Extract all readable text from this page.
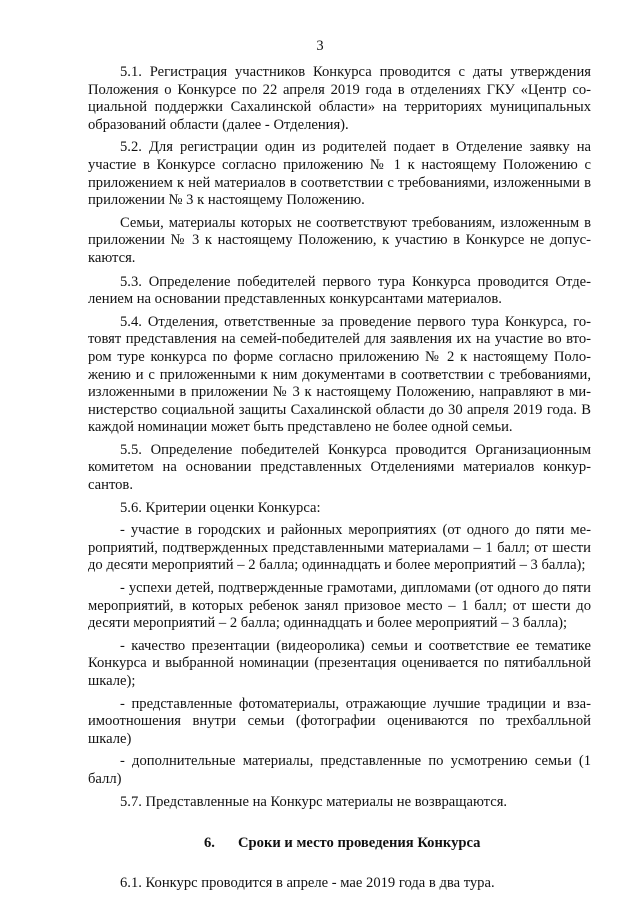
3

5.1. Регистрация участников Конкурса проводится с даты утверждения Положения о Конкурсе по 22 апреля 2019 года в отделениях ГКУ «Центр социальной поддержки Сахалинской области» на территориях муниципальных образований области (далее - Отделения).

5.2. Для регистрации один из родителей подает в Отделение заявку на участие в Конкурсе согласно приложению № 1 к настоящему Положению с приложением к ней материалов в соответствии с требованиями, изложенными в приложении № 3 к настоящему Положению.

Семьи, материалы которых не соответствуют требованиям, изложенным в приложении № 3 к настоящему Положению, к участию в Конкурсе не допускаются.

5.3. Определение победителей первого тура Конкурса проводится Отделением на основании представленных конкурсантами материалов.

5.4. Отделения, ответственные за проведение первого тура Конкурса, готовят представления на семей-победителей для заявления их на участие во втором туре конкурса по форме согласно приложению № 2 к настоящему Положению и с приложенными к ним документами в соответствии с требованиями, изложенными в приложении № 3 к настоящему Положению, направляют в министерство социальной защиты Сахалинской области до 30 апреля 2019 года. В каждой номинации может быть представлено не более одной семьи.

5.5. Определение победителей Конкурса проводится Организационным комитетом на основании представленных Отделениями материалов конкурсантов.

5.6. Критерии оценки Конкурса:

- участие в городских и районных мероприятиях (от одного до пяти мероприятий, подтвержденных представленными материалами – 1 балл; от шести до десяти мероприятий – 2 балла; одиннадцать и более мероприятий – 3 балла);

- успехи детей, подтвержденные грамотами, дипломами (от одного до пяти мероприятий, в которых ребенок занял призовое место – 1 балл; от шести до десяти мероприятий – 2 балла; одиннадцать и более мероприятий – 3 балла);

- качество презентации (видеоролика) семьи и соответствие ее тематике Конкурса и выбранной номинации (презентация оценивается по пятибалльной шкале);

- представленные фотоматериалы, отражающие лучшие традиции и взаимоотношения внутри семьи (фотографии оцениваются по трехбалльной шкале)

- дополнительные материалы, представленные по усмотрению семьи (1 балл)

5.7. Представленные на Конкурс материалы не возвращаются.

6. Сроки и место проведения Конкурса

6.1. Конкурс проводится в апреле - мае 2019 года в два тура.
